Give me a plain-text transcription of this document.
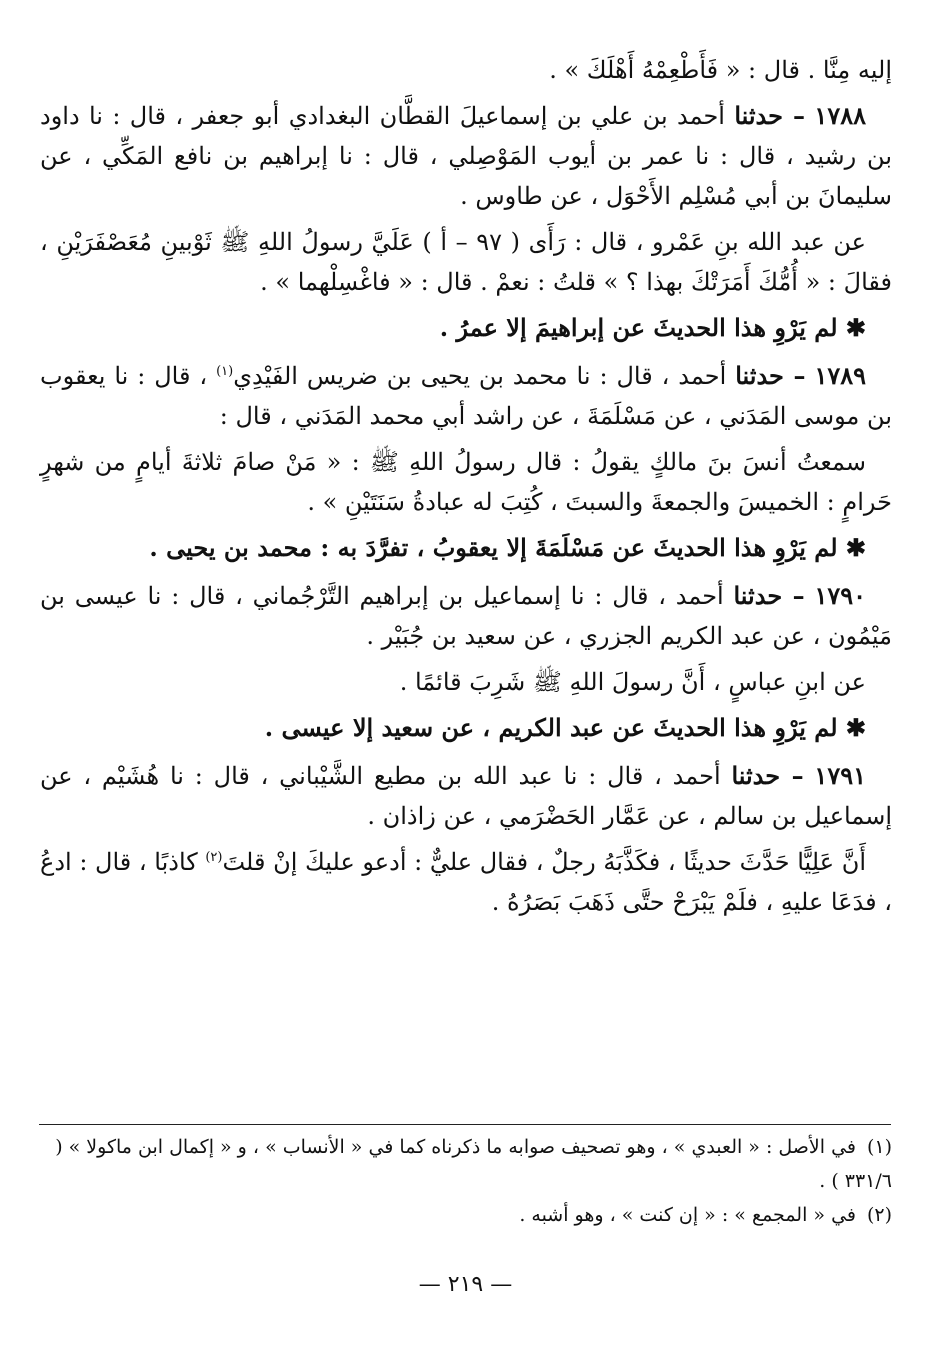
إليه مِنَّا . قال : « فَأَطْعِمْهُ أَهْلَكَ » .

١٧٨٨ – حدثنا أحمد بن علي بن إسماعيلَ القطَّان البغدادي أبو جعفر ، قال : نا داود بن رشيد ، قال : نا عمر بن أيوب المَوْصِلي ، قال : نا إبراهيم بن نافع المَكِّي ، عن سليمانَ بن أبي مُسْلِم الأَحْوَل ، عن طاوس .

عن عبد الله بنِ عَمْرو ، قال : رَأَى ( ٩٧ – أ ) عَلَيَّ رسولُ اللهِ ﷺ ثَوْبينِ مُعَصْفَرَيْنِ ، فقالَ : « أُمُّكَ أَمَرَتْكَ بهذا ؟ » قلتُ : نعمْ . قال : « فاغْسِلْهما » .

✱ لم يَرْوِ هذا الحديثَ عن إبراهيمَ إلا عمرُ .

١٧٨٩ – حدثنا أحمد ، قال : نا محمد بن يحيى بن ضريس الفَيْدِي$^{(١)}$ ، قال : نا يعقوب بن موسى المَدَني ، عن مَسْلَمَةَ ، عن راشد أبي محمد المَدَني ، قال :

سمعتُ أنسَ بنَ مالكٍ يقولُ : قال رسولُ اللهِ ﷺ : « مَنْ صامَ ثلاثةَ أيامٍ من شهرٍ حَرامٍ : الخميسَ والجمعةَ والسبتَ ، كُتِبَ له عبادةُ سَنَتَيْنِ » .

✱ لم يَرْوِ هذا الحديثَ عن مَسْلَمَةَ إلا يعقوبُ ، تفرَّدَ به : محمد بن يحيى .

١٧٩٠ – حدثنا أحمد ، قال : نا إسماعيل بن إبراهيم التَّرْجُماني ، قال : نا عيسى بن مَيْمُون ، عن عبد الكريم الجزري ، عن سعيد بن جُبَيْر .

عن ابنِ عباسٍ ، أَنَّ رسولَ اللهِ ﷺ شَرِبَ قائمًا .

✱ لم يَرْوِ هذا الحديثَ عن عبد الكريم ، عن سعيد إلا عيسى .

١٧٩١ – حدثنا أحمد ، قال : نا عبد الله بن مطيع الشَّيْباني ، قال : نا هُشَيْم ، عن إسماعيل بن سالم ، عن عَمَّار الحَضْرَمي ، عن زاذان .

أَنَّ عَلِيًّا حَدَّثَ حديثًا ، فكَذَّبَهُ رجلٌ ، فقال عليٌّ : أدعو عليكَ إنْ قلتَ$^{(٢)}$ كاذبًا ، قال : ادعُ ، فدَعَا عليهِ ، فلَمْ يَبْرَحْ حتَّى ذَهَبَ بَصَرُهُ .

(١)في الأصل : « العبدي » ، وهو تصحيف صوابه ما ذكرناه كما في « الأنساب » ، و « إكمال ابن ماكولا » ( ٣٣١/٦ ) .

(٢)في « المجمع » : « إن كنت » ، وهو أشبه .

— ٢١٩ —
